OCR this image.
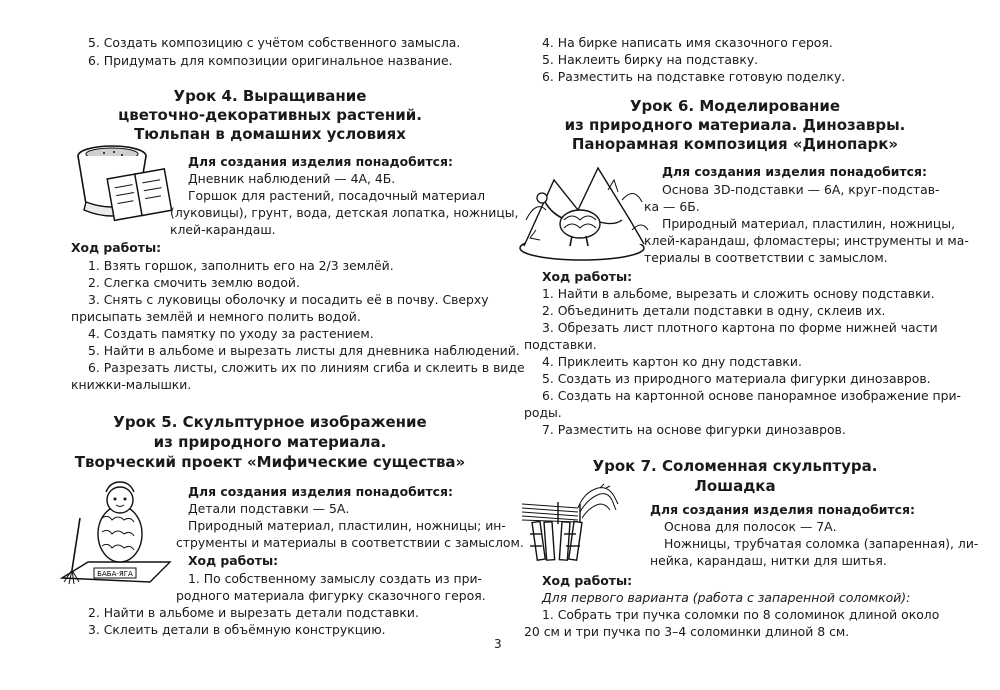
5. Создать композицию с учётом собственного замысла.
6. Придумать для композиции оригинальное название.
Урок 4. Выращивание
цветочно-декоративных растений.
Тюльпан в домашних условиях
Для создания изделия понадобится:
Дневник наблюдений — 4А, 4Б.
Горшок для растений, посадочный материал
(луковицы), грунт, вода, детская лопатка, ножницы,
клей-карандаш.
Ход работы:
1. Взять горшок, заполнить его на 2/3 землёй.
2. Слегка смочить землю водой.
3. Снять с луковицы оболочку и посадить её в почву. Сверху
присыпать землёй и немного полить водой.
4. Создать памятку по уходу за растением.
5. Найти в альбоме и вырезать листы для дневника наблюдений.
6. Разрезать листы, сложить их по линиям сгиба и склеить в виде
книжки-малышки.
Урок 5. Скульптурное изображение
из природного материала.
Творческий проект «Мифические существа»
БАБА-ЯГА
Для создания изделия понадобится:
Детали подставки — 5А.
Природный материал, пластилин, ножницы; ин-
струменты и материалы в соответствии с замыслом.
Ход работы:
1. По собственному замыслу создать из при-
родного материала фигурку сказочного героя.
2. Найти в альбоме и вырезать детали подставки.
3. Склеить детали в объёмную конструкцию.
4. На бирке написать имя сказочного героя.
5. Наклеить бирку на подставку.
6. Разместить на подставке готовую поделку.
Урок 6. Моделирование
из природного материала. Динозавры.
Панорамная композиция «Динопарк»
Для создания изделия понадобится:
Основа 3D-подставки — 6А, круг-подстав-
ка — 6Б.
Природный материал, пластилин, ножницы,
клей-карандаш, фломастеры; инструменты и ма-
териалы в соответствии с замыслом.
Ход работы:
1. Найти в альбоме, вырезать и сложить основу подставки.
2. Объединить детали подставки в одну, склеив их.
3. Обрезать лист плотного картона по форме нижней части
подставки.
4. Приклеить картон ко дну подставки.
5. Создать из природного материала фигурки динозавров.
6. Создать на картонной основе панорамное изображение при-
роды.
7. Разместить на основе фигурки динозавров.
Урок 7. Соломенная скульптура.
Лошадка
Для создания изделия понадобится:
Основа для полосок — 7А.
Ножницы, трубчатая соломка (запаренная), ли-
нейка, карандаш, нитки для шитья.
Ход работы:
Для первого варианта (работа с запаренной соломкой):
1. Собрать три пучка соломки по 8 соломинок длиной около
20 см и три пучка по 3–4 соломинки длиной 8 см.
3
